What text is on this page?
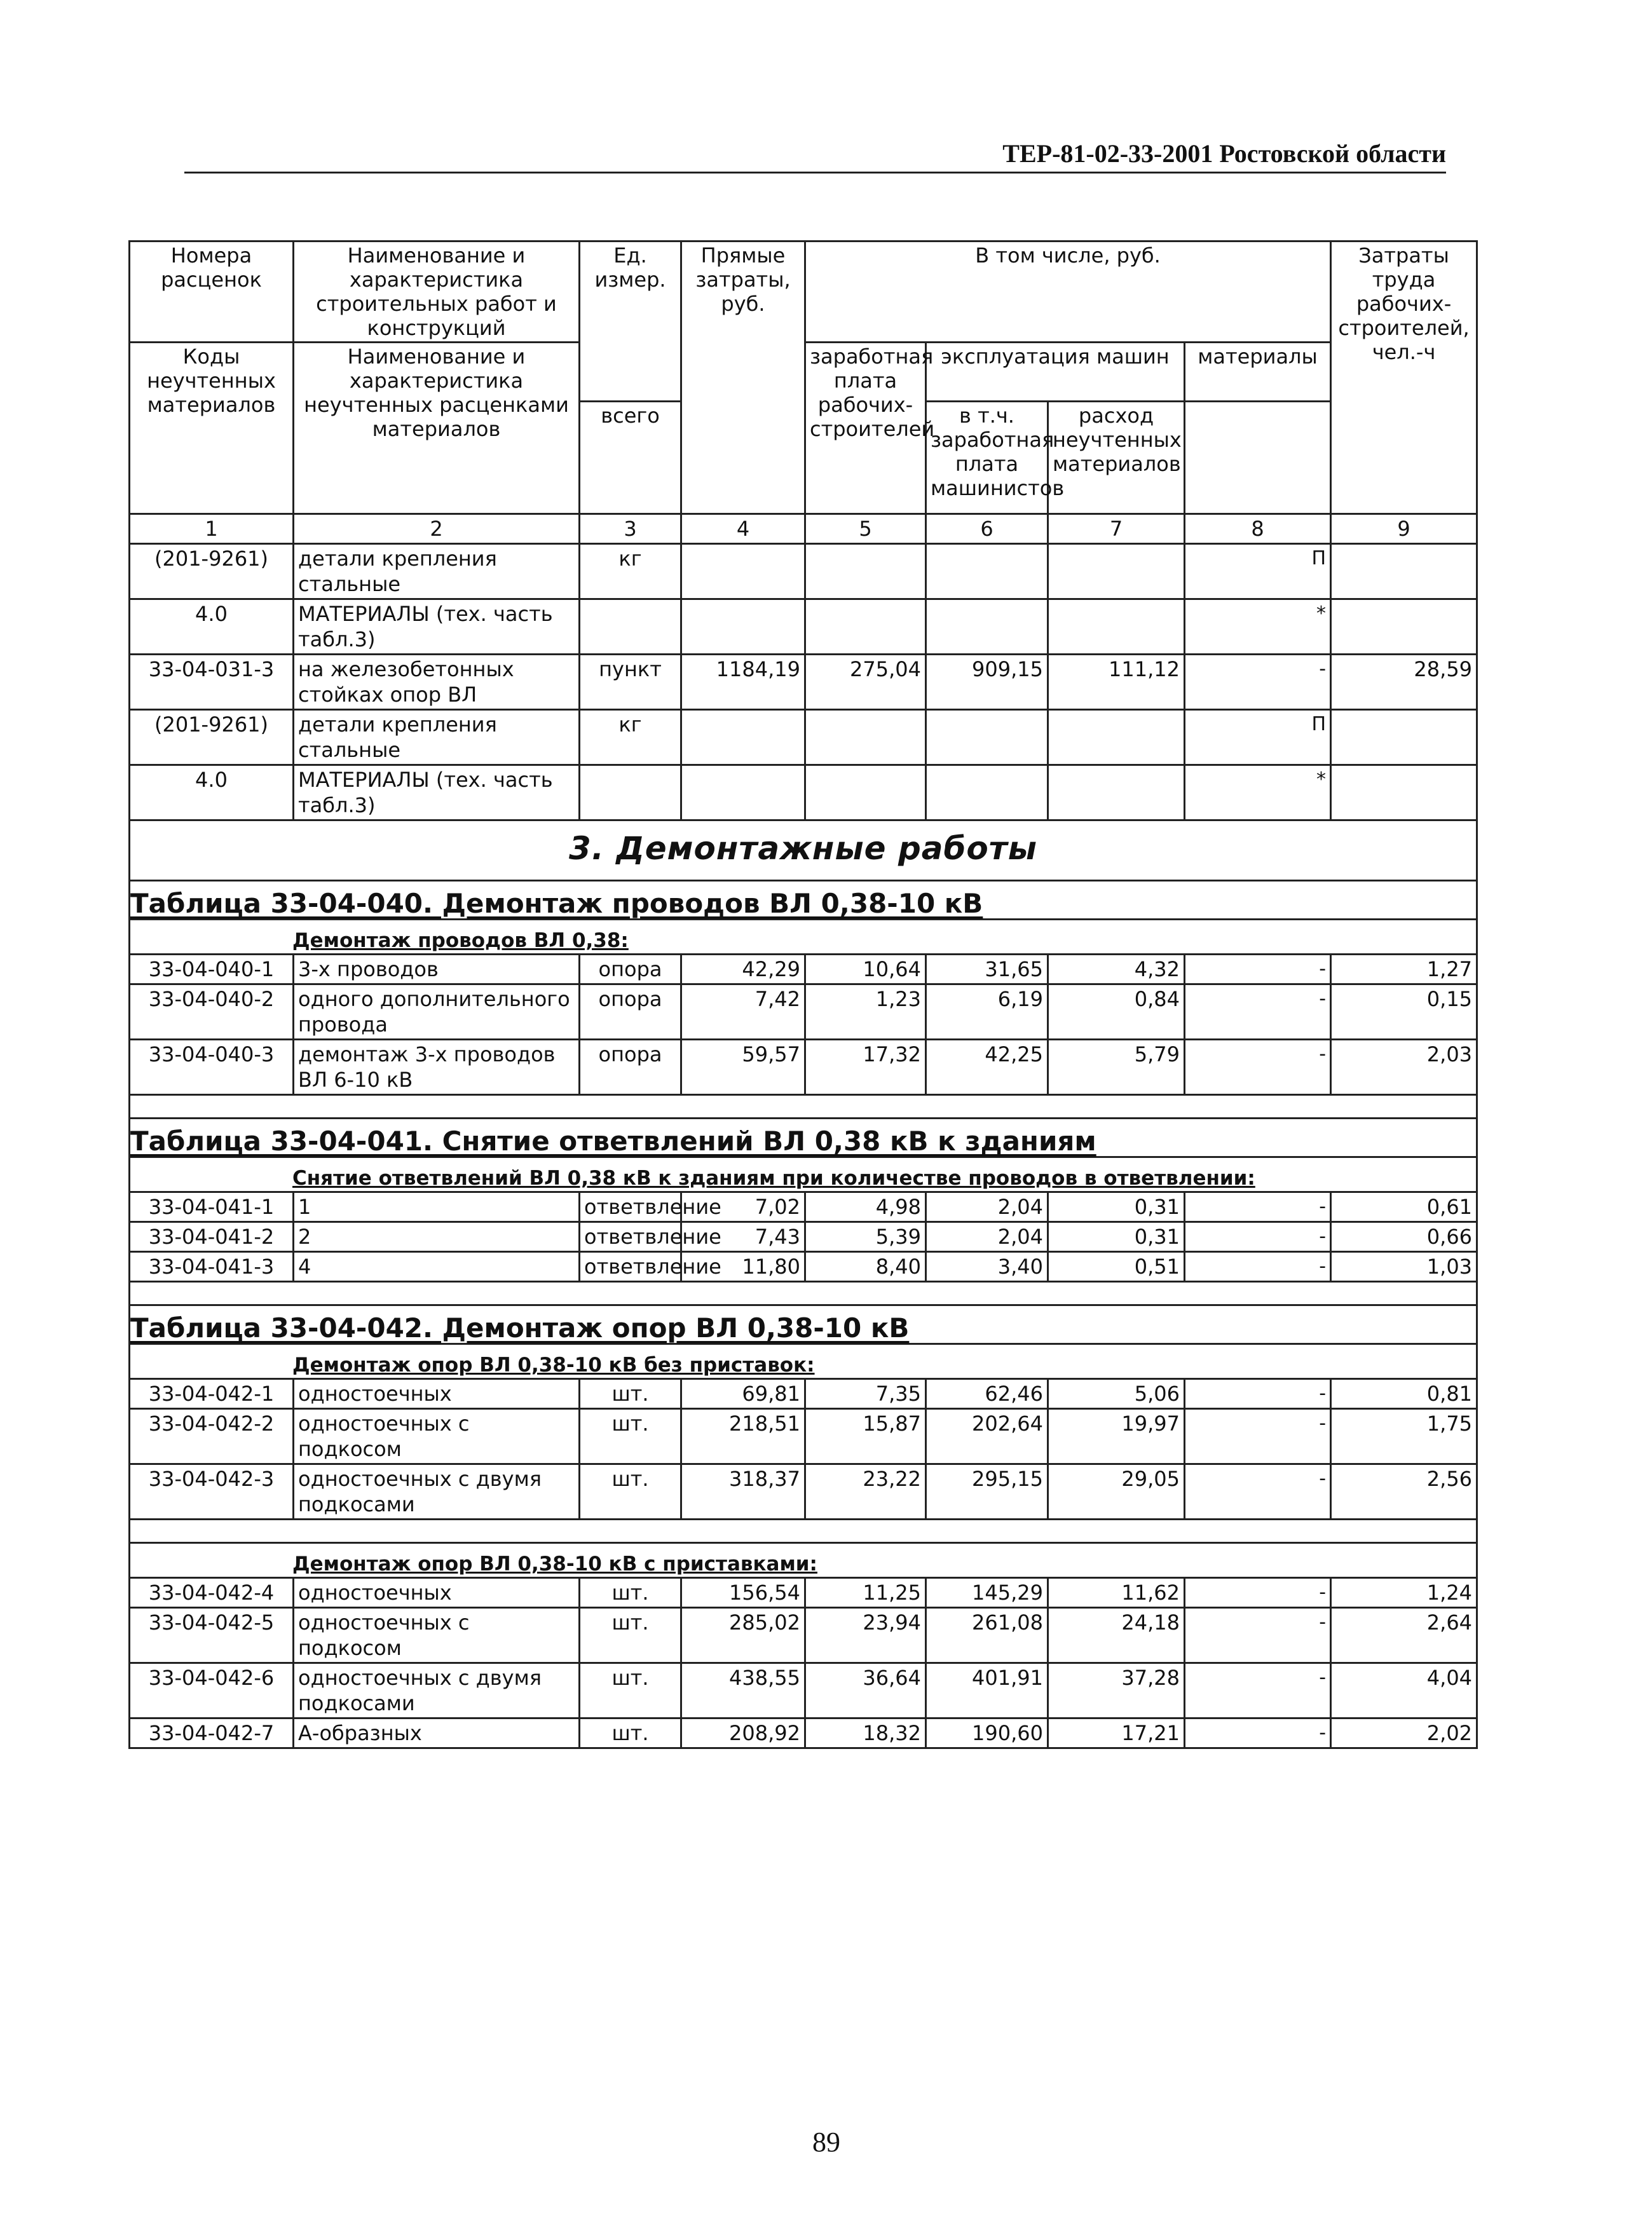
ТЕР-81-02-33-2001 Ростовской области
Номера расценок	Наименование и характеристика строительных работ и конструкций	Ед. измер.	Прямые затраты, руб.	В том числе, руб.				Затраты труда рабочих-строителей, чел.-ч
Коды неучтенных материалов	Наименование и характеристика неучтенных расценками материалов			заработная плата рабочих-строителей	эксплуатация машин		материалы	
		всего			в т.ч. заработная плата машинистов	расход неучтенных материалов		
1	2	3	4	5	6	7	8	9
(201-9261)	детали крепления стальные	кг					П	
4.0	МАТЕРИАЛЫ (тех. часть табл.3)						*	
33-04-031-3	на железобетонных стойках опор ВЛ	пункт	1184,19	275,04	909,15	111,12	-	28,59
(201-9261)	детали крепления стальные	кг					П	
4.0	МАТЕРИАЛЫ (тех. часть табл.3)						*	
3. Демонтажные работы								
Таблица 33-04-040. Демонтаж проводов ВЛ 0,38-10 кВ								
Демонтаж проводов ВЛ 0,38:								
33-04-040-1	3-х проводов	опора	42,29	10,64	31,65	4,32	-	1,27
33-04-040-2	одного дополнительного провода	опора	7,42	1,23	6,19	0,84	-	0,15
33-04-040-3	демонтаж 3-х проводов ВЛ 6-10 кВ	опора	59,57	17,32	42,25	5,79	-	2,03

Таблица 33-04-041. Снятие ответвлений ВЛ 0,38 кВ к зданиям								
Снятие ответвлений ВЛ 0,38 кВ к зданиям при количестве проводов в ответвлении:								
33-04-041-1	1	ответвление	7,02	4,98	2,04	0,31	-	0,61
33-04-041-2	2	ответвление	7,43	5,39	2,04	0,31	-	0,66
33-04-041-3	4	ответвление	11,80	8,40	3,40	0,51	-	1,03

Таблица 33-04-042. Демонтаж опор ВЛ 0,38-10 кВ								
Демонтаж опор ВЛ 0,38-10 кВ без приставок:								
33-04-042-1	одностоечных	шт.	69,81	7,35	62,46	5,06	-	0,81
33-04-042-2	одностоечных с подкосом	шт.	218,51	15,87	202,64	19,97	-	1,75
33-04-042-3	одностоечных с двумя подкосами	шт.	318,37	23,22	295,15	29,05	-	2,56

Демонтаж опор ВЛ 0,38-10 кВ с приставками:								
33-04-042-4	одностоечных	шт.	156,54	11,25	145,29	11,62	-	1,24
33-04-042-5	одностоечных с подкосом	шт.	285,02	23,94	261,08	24,18	-	2,64
33-04-042-6	одностоечных с двумя подкосами	шт.	438,55	36,64	401,91	37,28	-	4,04
33-04-042-7	А-образных	шт.	208,92	18,32	190,60	17,21	-	2,02
89
